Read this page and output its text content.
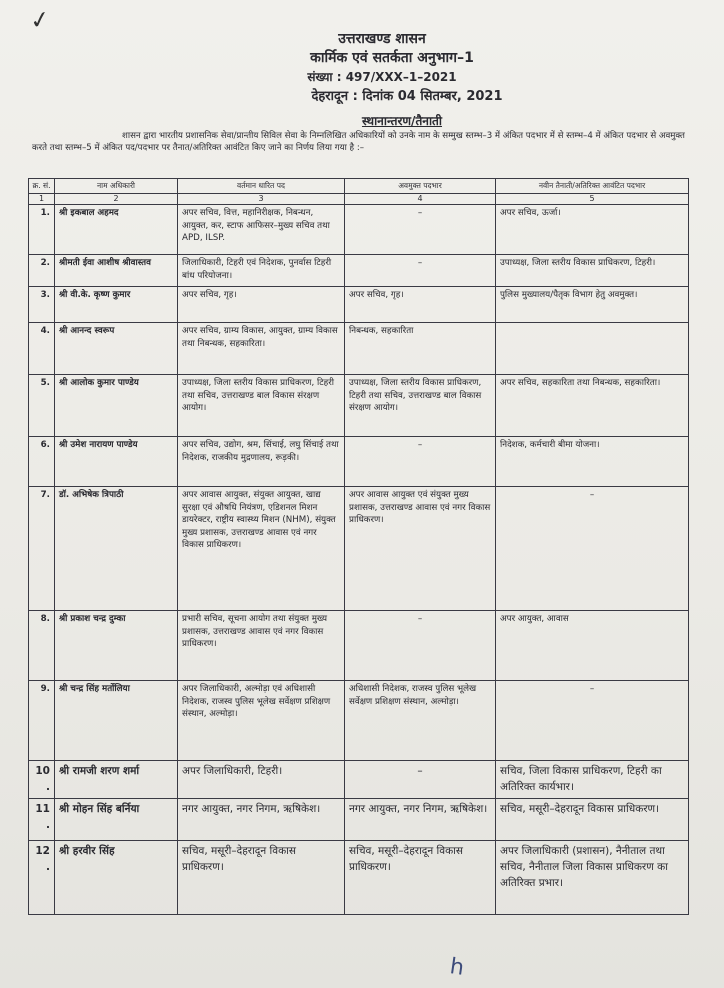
✓
उत्तराखण्ड शासन
कार्मिक एवं सतर्कता अनुभाग–1
संख्या : 497/XXX–1–2021
देहरादून : दिनांक 04 सितम्बर, 2021
स्थानान्तरण/तैनाती
शासन द्वारा भारतीय प्रशासनिक सेवा/प्रान्तीय सिविल सेवा के निम्नलिखित अधिकारियों को उनके नाम के सम्मुख स्तम्भ–3 में अंकित पदभार में से स्तम्भ–4 में अंकित पदभार से अवमुक्त करते तथा स्तम्भ–5 में अंकित पद/पदभार पर तैनात/अतिरिक्त आवंटित किए जाने का निर्णय लिया गया है :–
क्र. सं.	नाम अधिकारी	वर्तमान धारित पद	अवमुक्त पदभार	नवीन तैनाती/अतिरिक्त आवंटित पदभार
1	2	3	4	5
1.	श्री इकबाल अहमद	अपर सचिव, वित्त, महानिरीक्षक, निबन्धन, आयुक्त, कर, स्टाफ आफिसर–मुख्य सचिव तथा APD, ILSP.	–	अपर सचिव, ऊर्जा।
2.	श्रीमती ईवा आशीष श्रीवास्तव	जिलाधिकारी, टिहरी एवं निदेशक, पुनर्वास टिहरी बांध परियोजना।	–	उपाध्यक्ष, जिला स्तरीय विकास प्राधिकरण, टिहरी।
3.	श्री वी.के. कृष्ण कुमार	अपर सचिव, गृह।	अपर सचिव, गृह।	पुलिस मुख्यालय/पैतृक विभाग हेतु अवमुक्त।
4.	श्री आनन्द स्वरूप	अपर सचिव, ग्राम्य विकास, आयुक्त, ग्राम्य विकास तथा निबन्धक, सहकारिता।	निबन्धक, सहकारिता	
5.	श्री आलोक कुमार पाण्डेय	उपाध्यक्ष, जिला स्तरीय विकास प्राधिकरण, टिहरी तथा सचिव, उत्तराखण्ड बाल विकास संरक्षण आयोग।	उपाध्यक्ष, जिला स्तरीय विकास प्राधिकरण, टिहरी तथा सचिव, उत्तराखण्ड बाल विकास संरक्षण आयोग।	अपर सचिव, सहकारिता तथा निबन्धक, सहकारिता।
6.	श्री उमेश नारायण पाण्डेय	अपर सचिव, उद्योग, श्रम, सिंचाई, लघु सिंचाई तथा निदेशक, राजकीय मुद्रणालय, रूड़की।	–	निदेशक, कर्मचारी बीमा योजना।
7.	डॉ. अभिषेक त्रिपाठी	अपर आवास आयुक्त, संयुक्त आयुक्त, खाद्य सुरक्षा एवं औषधि नियंत्रण, एडिशनल मिशन डायरेक्टर, राष्ट्रीय स्वास्थ्य मिशन (NHM), संयुक्त मुख्य प्रशासक, उत्तराखण्ड आवास एवं नगर विकास प्राधिकरण।	अपर आवास आयुक्त एवं संयुक्त मुख्य प्रशासक, उत्तराखण्ड आवास एवं नगर विकास प्राधिकरण।	–
8.	श्री प्रकाश चन्द्र दुम्का	प्रभारी सचिव, सूचना आयोग तथा संयुक्त मुख्य प्रशासक, उत्तराखण्ड आवास एवं नगर विकास प्राधिकरण।	–	अपर आयुक्त, आवास
9.	श्री चन्द्र सिंह मर्तोलिया	अपर जिलाधिकारी, अल्मोड़ा एवं अधिशासी निदेशक, राजस्व पुलिस भूलेख सर्वेक्षण प्रशिक्षण संस्थान, अल्मोड़ा।	अधिशासी निदेशक, राजस्व पुलिस भूलेख सर्वेक्षण प्रशिक्षण संस्थान, अल्मोड़ा।	–
10.	श्री रामजी शरण शर्मा	अपर जिलाधिकारी, टिहरी।	–	सचिव, जिला विकास प्राधिकरण, टिहरी का अतिरिक्त कार्यभार।
11.	श्री मोहन सिंह बर्निया	नगर आयुक्त, नगर निगम, ऋषिकेश।	नगर आयुक्त, नगर निगम, ऋषिकेश।	सचिव, मसूरी–देहरादून विकास प्राधिकरण।
12.	श्री हरवीर सिंह	सचिव, मसूरी–देहरादून विकास प्राधिकरण।	सचिव, मसूरी–देहरादून विकास प्राधिकरण।	अपर जिलाधिकारी (प्रशासन), नैनीताल तथा सचिव, नैनीताल जिला विकास प्राधिकरण का अतिरिक्त प्रभार।
h
